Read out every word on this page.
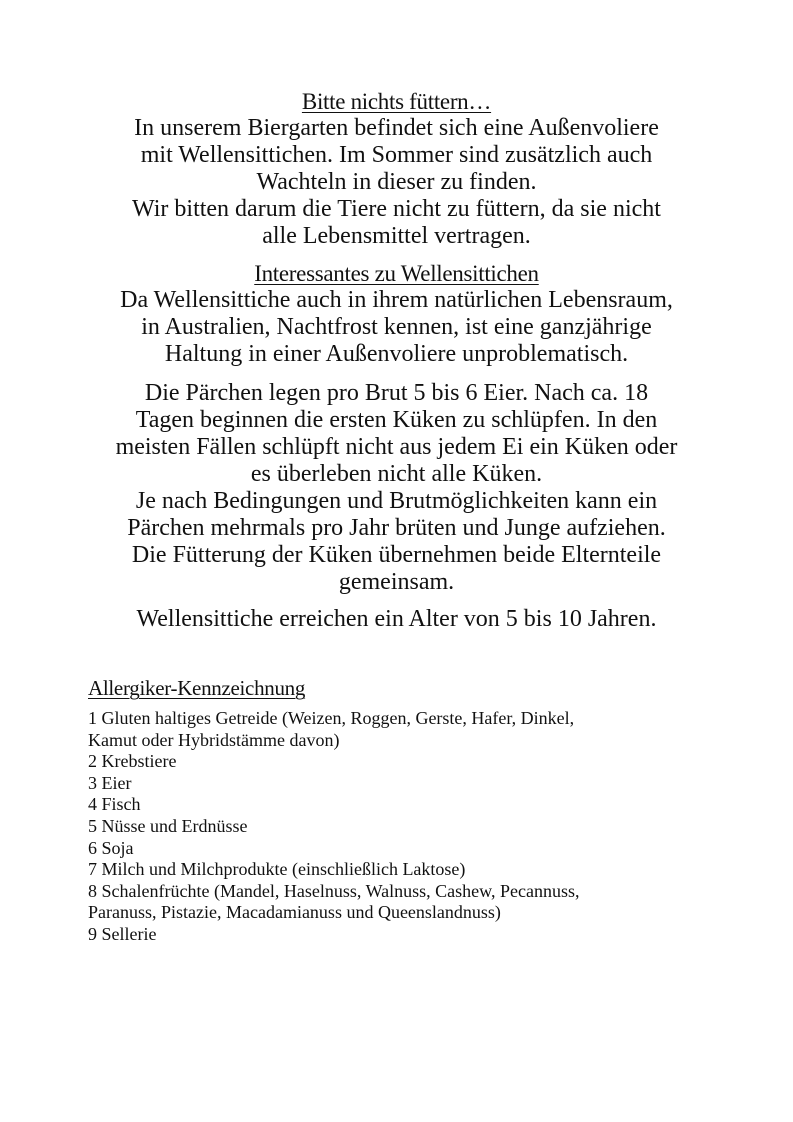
Bitte nichts füttern…

In unserem Biergarten befindet sich eine Außenvoliere

mit Wellensittichen. Im Sommer sind zusätzlich auch

Wachteln in dieser zu finden.

Wir bitten darum die Tiere nicht zu füttern, da sie nicht

alle Lebensmittel vertragen.

Interessantes zu Wellensittichen

Da Wellensittiche auch in ihrem natürlichen Lebensraum,

in Australien, Nachtfrost kennen, ist eine ganzjährige

Haltung in einer Außenvoliere unproblematisch.

Die Pärchen legen pro Brut 5 bis 6 Eier. Nach ca. 18

Tagen beginnen die ersten Küken zu schlüpfen. In den

meisten Fällen schlüpft nicht aus jedem Ei ein Küken oder

es überleben nicht alle Küken.

Je nach Bedingungen und Brutmöglichkeiten kann ein

Pärchen mehrmals pro Jahr brüten und Junge aufziehen.

Die Fütterung der Küken übernehmen beide Elternteile

gemeinsam.

Wellensittiche erreichen ein Alter von 5 bis 10 Jahren.

Allergiker-Kennzeichnung
1 Gluten haltiges Getreide (Weizen, Roggen, Gerste, Hafer, Dinkel,
Kamut oder Hybridstämme davon)
2 Krebstiere
3 Eier
4 Fisch
5 Nüsse und Erdnüsse
6 Soja
7 Milch und Milchprodukte (einschließlich Laktose)
8 Schalenfrüchte (Mandel, Haselnuss, Walnuss, Cashew, Pecannuss,
Paranuss, Pistazie, Macadamianuss und Queenslandnuss)
9 Sellerie
